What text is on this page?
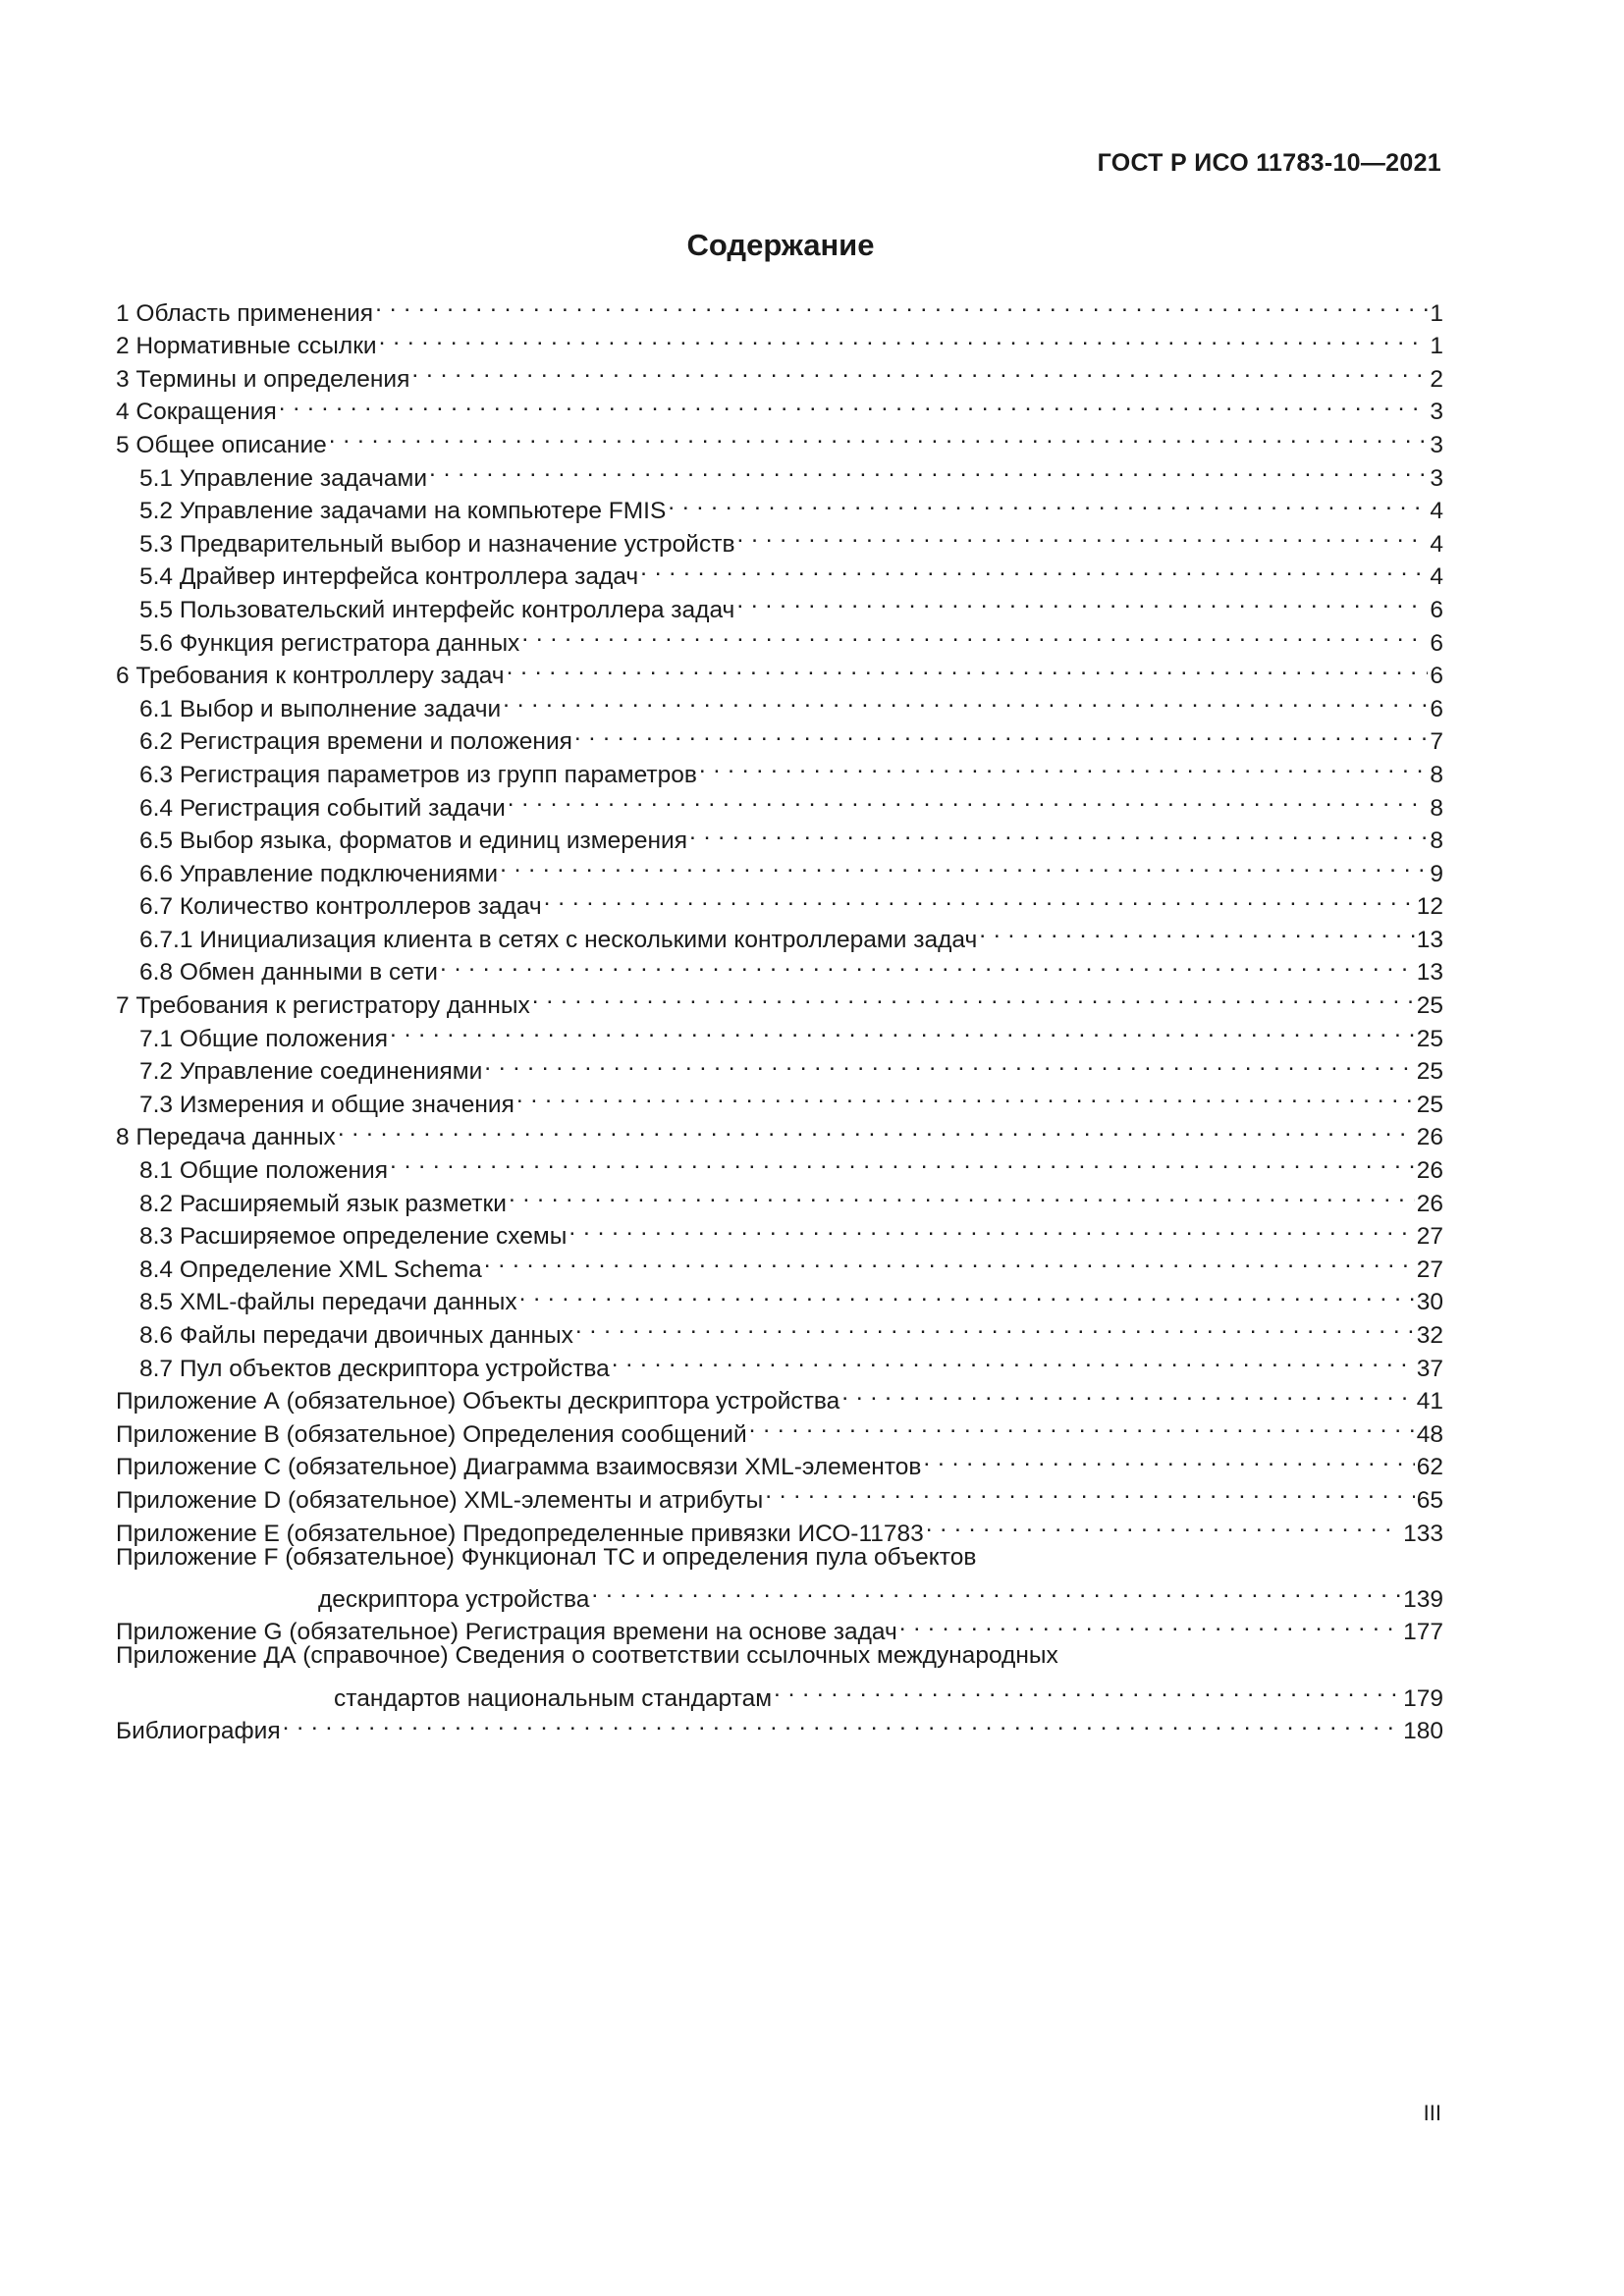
ГОСТ Р ИСО 11783-10—2021
Содержание
1 Область применения . . .	1
2 Нормативные ссылки . . .	1
3 Термины и определения . . .	2
4 Сокращения . . .	3
5 Общее описание . . .	3
5.1 Управление задачами . . .	3
5.2 Управление задачами на компьютере FMIS . . .	4
5.3 Предварительный выбор и назначение устройств . . .	4
5.4 Драйвер интерфейса контроллера задач . . .	4
5.5 Пользовательский интерфейс контроллера задач . . .	6
5.6 Функция регистратора данных . . .	6
6 Требования к контроллеру задач . . .	6
6.1 Выбор и выполнение задачи . . .	6
6.2 Регистрация времени и положения . . .	7
6.3 Регистрация параметров из групп параметров . . .	8
6.4 Регистрация событий задачи . . .	8
6.5 Выбор языка, форматов и единиц измерения . . .	8
6.6 Управление подключениями . . .	9
6.7 Количество контроллеров задач . . .	12
6.7.1 Инициализация клиента в сетях с несколькими контроллерами задач . . .	13
6.8 Обмен данными в сети . . .	13
7 Требования к регистратору данных . . .	25
7.1 Общие положения . . .	25
7.2 Управление соединениями . . .	25
7.3 Измерения и общие значения . . .	25
8 Передача данных . . .	26
8.1 Общие положения . . .	26
8.2 Расширяемый язык разметки . . .	26
8.3 Расширяемое определение схемы . . .	27
8.4 Определение XML Schema . . .	27
8.5 XML-файлы передачи данных . . .	30
8.6 Файлы передачи двоичных данных . . .	32
8.7 Пул объектов дескриптора устройства . . .	37
Приложение А (обязательное) Объекты дескриптора устройства . . .	41
Приложение В (обязательное) Определения сообщений . . .	48
Приложение С (обязательное) Диаграмма взаимосвязи XML-элементов . . .	62
Приложение D (обязательное) XML-элементы и атрибуты . . .	65
Приложение E (обязательное) Предопределенные привязки ИСО-11783 . . .	133
Приложение F (обязательное) Функционал ТС и определения пула объектов
дескриптора устройства . . .	139
Приложение G (обязательное) Регистрация времени на основе задач . . .	177
Приложение ДА (справочное) Сведения о соответствии ссылочных международных
стандартов национальным стандартам . . .	179
Библиография . . .	180
III
